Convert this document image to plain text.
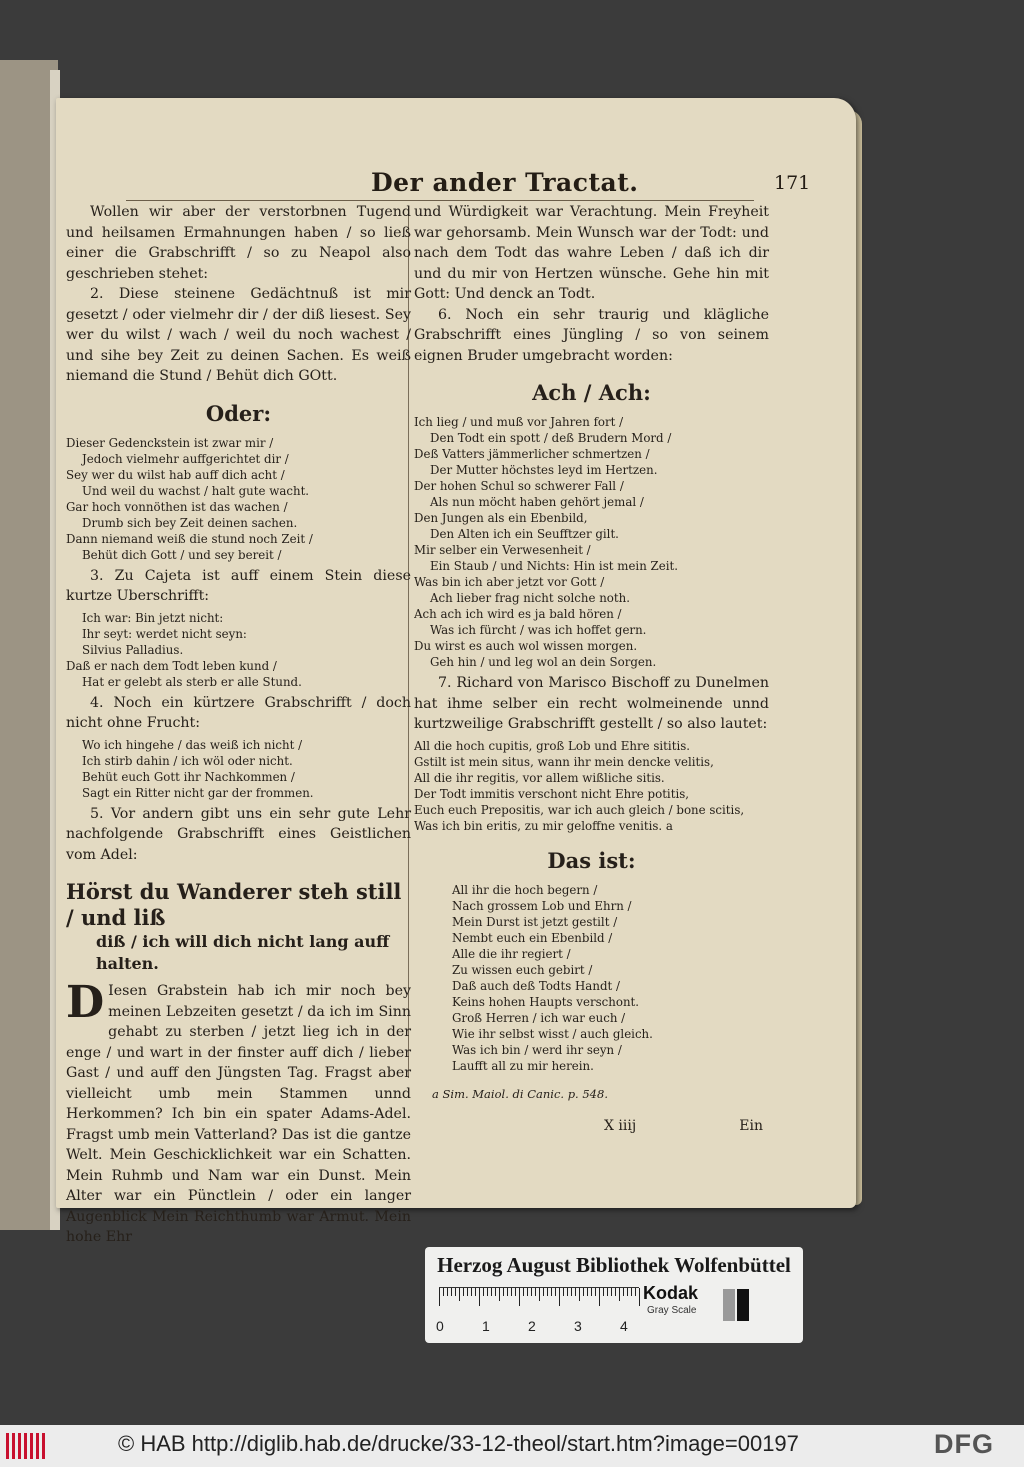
Der ander Tractat.	171
Wollen wir aber der verstorbnen Tugend und heilsamen Ermahnungen haben / so ließ einer die Grabschrifft / so zu Neapol also geschrieben stehet:
2. Diese steinene Gedächtnuß ist mir gesetzt / oder vielmehr dir / der diß liesest. Sey wer du wilst / wach / weil du noch wachest / und sihe bey Zeit zu deinen Sachen. Es weiß niemand die Stund / Behüt dich GOtt.
Oder:
Dieser Gedenckstein ist zwar mir /
Jedoch vielmehr auffgerichtet dir /
Sey wer du wilst hab auff dich acht /
Und weil du wachst / halt gute wacht.
Gar hoch vonnöthen ist das wachen /
Drumb sich bey Zeit deinen sachen.
Dann niemand weiß die stund noch Zeit /
Behüt dich Gott / und sey bereit /
3. Zu Cajeta ist auff einem Stein diese kurtze Uberschrifft:
Ich war: Bin jetzt nicht:
Ihr seyt: werdet nicht seyn:
Silvius Palladius.
Daß er nach dem Todt leben kund /
Hat er gelebt als sterb er alle Stund.
4. Noch ein kürtzere Grabschrifft / doch nicht ohne Frucht:
Wo ich hingehe / das weiß ich nicht /
Ich stirb dahin / ich wöl oder nicht.
Behüt euch Gott ihr Nachkommen /
Sagt ein Ritter nicht gar der frommen.
5. Vor andern gibt uns ein sehr gute Lehr nachfolgende Grabschrifft eines Geistlichen vom Adel:
Hörst du Wanderer steh still / und liß
diß / ich will dich nicht lang auff halten.
D Iesen Grabstein hab ich mir noch bey meinen Lebzeiten gesetzt / da ich im Sinn gehabt zu sterben / jetzt lieg ich in der enge / und wart in der finster auff dich / lieber Gast / und auff den Jüngsten Tag. Fragst aber vielleicht umb mein Stammen unnd Herkommen? Ich bin ein spater Adams-Adel. Fragst umb mein Vatterland? Das ist die gantze Welt. Mein Geschicklichkeit war ein Schatten. Mein Ruhmb und Nam war ein Dunst. Mein Alter war ein Pünctlein / oder ein langer Augenblick Mein Reichthumb war Armut. Mein hohe Ehr
und Würdigkeit war Verachtung. Mein Freyheit war gehorsamb. Mein Wunsch war der Todt: und nach dem Todt das wahre Leben / daß ich dir und du mir von Hertzen wünsche. Gehe hin mit Gott: Und denck an Todt.
6. Noch ein sehr traurig und klägliche Grabschrifft eines Jüngling / so von seinem eignen Bruder umgebracht worden:
Ach / Ach:
Ich lieg / und muß vor Jahren fort /
Den Todt ein spott / deß Brudern Mord /
Deß Vatters jämmerlicher schmertzen /
Der Mutter höchstes leyd im Hertzen.
Der hohen Schul so schwerer Fall /
Als nun möcht haben gehört jemal /
Den Jungen als ein Ebenbild,
Den Alten ich ein Seufftzer gilt.
Mir selber ein Verwesenheit /
Ein Staub / und Nichts: Hin ist mein Zeit.
Was bin ich aber jetzt vor Gott /
Ach lieber frag nicht solche noth.
Ach ach ich wird es ja bald hören /
Was ich fürcht / was ich hoffet gern.
Du wirst es auch wol wissen morgen.
Geh hin / und leg wol an dein Sorgen.
7. Richard von Marisco Bischoff zu Dunelmen hat ihme selber ein recht wolmeinende unnd kurtzweilige Grabschrifft gestellt / so also lautet:
All die hoch cupitis, groß Lob und Ehre sititis.
Gstilt ist mein situs, wann ihr mein dencke velitis,
All die ihr regitis, vor allem wißliche sitis.
Der Todt immitis verschont nicht Ehre potitis,
Euch euch Prepositis, war ich auch gleich / bone scitis,
Was ich bin eritis, zu mir geloffne venitis. a
Das ist:
All ihr die hoch begern /
Nach grossem Lob und Ehrn /
Mein Durst ist jetzt gestilt /
Nembt euch ein Ebenbild /
Alle die ihr regiert /
Zu wissen euch gebirt /
Daß auch deß Todts Handt /
Keins hohen Haupts verschont.
Groß Herren / ich war euch /
Wie ihr selbst wisst / auch gleich.
Was ich bin / werd ihr seyn /
Laufft all zu mir herein.
a Sim. Maiol. di Canic. p. 548.
X iiij	Ein
Herzog August Bibliothek Wolfenbüttel
0	1	2	3	4
Kodak
Gray Scale
© HAB http://diglib.hab.de/drucke/33-12-theol/start.htm?image=00197	DFG
